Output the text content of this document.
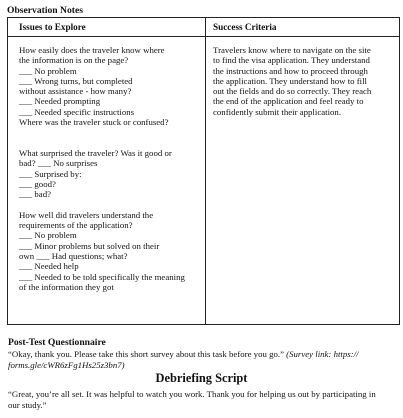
Observation Notes
Issues to Explore	Success Criteria
How easily does the traveler know where
the information is on the page?
___ No problem
___ Wrong turns, but completed
without assistance - how many?
___ Needed prompting
___ Needed specific instructions
Where was the traveler stuck or confused?
What surprised the traveler? Was it good or
bad? ___ No surprises
___ Surprised by:
___ good?
___ bad?
How well did travelers understand the
requirements of the application?
___ No problem
___ Minor problems but solved on their
own ___ Had questions; what?
___ Needed help
___ Needed to be told specifically the meaning
of the information they got
Travelers know where to navigate on the site
to find the visa application. They understand
the instructions and how to proceed through
the application. They understand how to fill
out the fields and do so correctly. They reach
the end of the application and feel ready to
confidently submit their application.
Post-Test Questionnaire
“Okay, thank you. Please take this short survey about this task before you go.” (Survey link: https://
forms.gle/cWR6zFg1Hs25z3bn7)
Debriefing Script
“Great, you’re all set. It was helpful to watch you work. Thank you for helping us out by participating in
our study.”
